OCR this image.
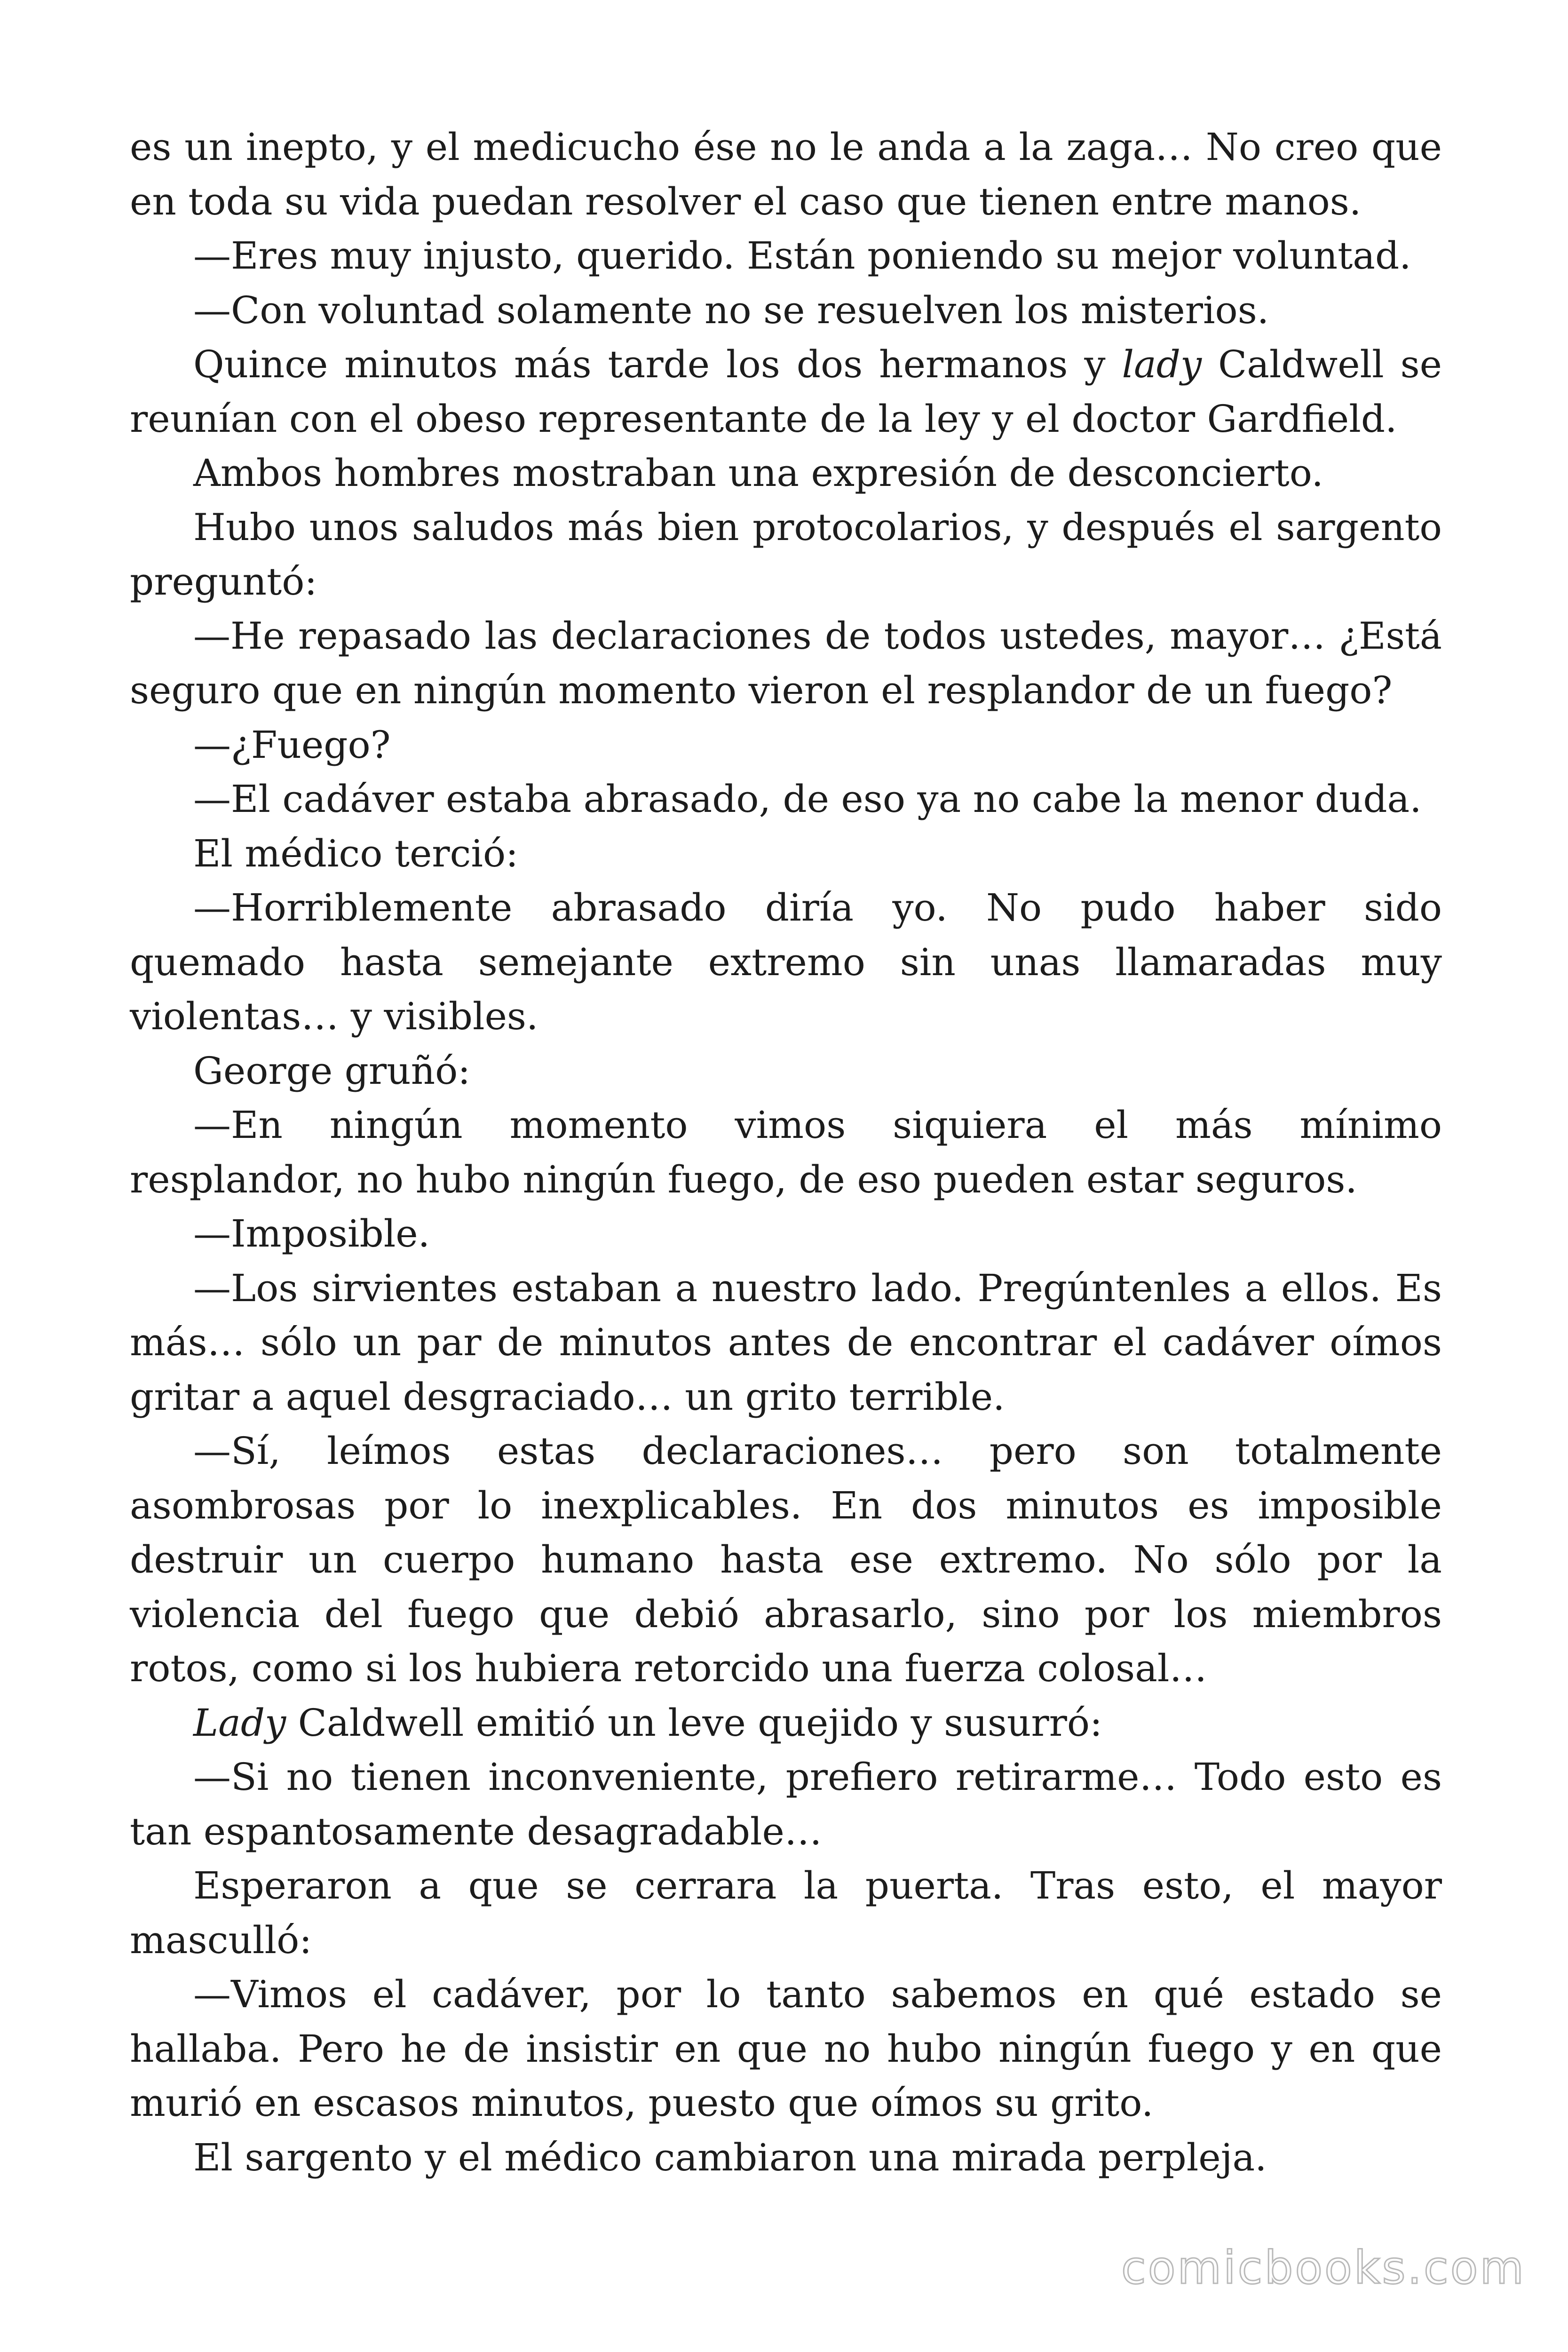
es un inepto, y el medicucho ése no le anda a la zaga… No creo que
en toda su vida puedan resolver el caso que tienen entre manos.
—Eres muy injusto, querido. Están poniendo su mejor voluntad.
—Con voluntad solamente no se resuelven los misterios.
Quince minutos más tarde los dos hermanos y lady Caldwell se
reunían con el obeso representante de la ley y el doctor Gardfield.
Ambos hombres mostraban una expresión de desconcierto.
Hubo unos saludos más bien protocolarios, y después el sargento
preguntó:
—He repasado las declaraciones de todos ustedes, mayor… ¿Está
seguro que en ningún momento vieron el resplandor de un fuego?
—¿Fuego?
—El cadáver estaba abrasado, de eso ya no cabe la menor duda.
El médico terció:
—Horriblemente abrasado diría yo. No pudo haber sido
quemado hasta semejante extremo sin unas llamaradas muy
violentas… y visibles.
George gruñó:
—En ningún momento vimos siquiera el más mínimo
resplandor, no hubo ningún fuego, de eso pueden estar seguros.
—Imposible.
—Los sirvientes estaban a nuestro lado. Pregúntenles a ellos. Es
más… sólo un par de minutos antes de encontrar el cadáver oímos
gritar a aquel desgraciado… un grito terrible.
—Sí, leímos estas declaraciones… pero son totalmente
asombrosas por lo inexplicables. En dos minutos es imposible
destruir un cuerpo humano hasta ese extremo. No sólo por la
violencia del fuego que debió abrasarlo, sino por los miembros
rotos, como si los hubiera retorcido una fuerza colosal…
Lady Caldwell emitió un leve quejido y susurró:
—Si no tienen inconveniente, prefiero retirarme… Todo esto es
tan espantosamente desagradable…
Esperaron a que se cerrara la puerta. Tras esto, el mayor
masculló:
—Vimos el cadáver, por lo tanto sabemos en qué estado se
hallaba. Pero he de insistir en que no hubo ningún fuego y en que
murió en escasos minutos, puesto que oímos su grito.
El sargento y el médico cambiaron una mirada perpleja.
comicbooks.com
